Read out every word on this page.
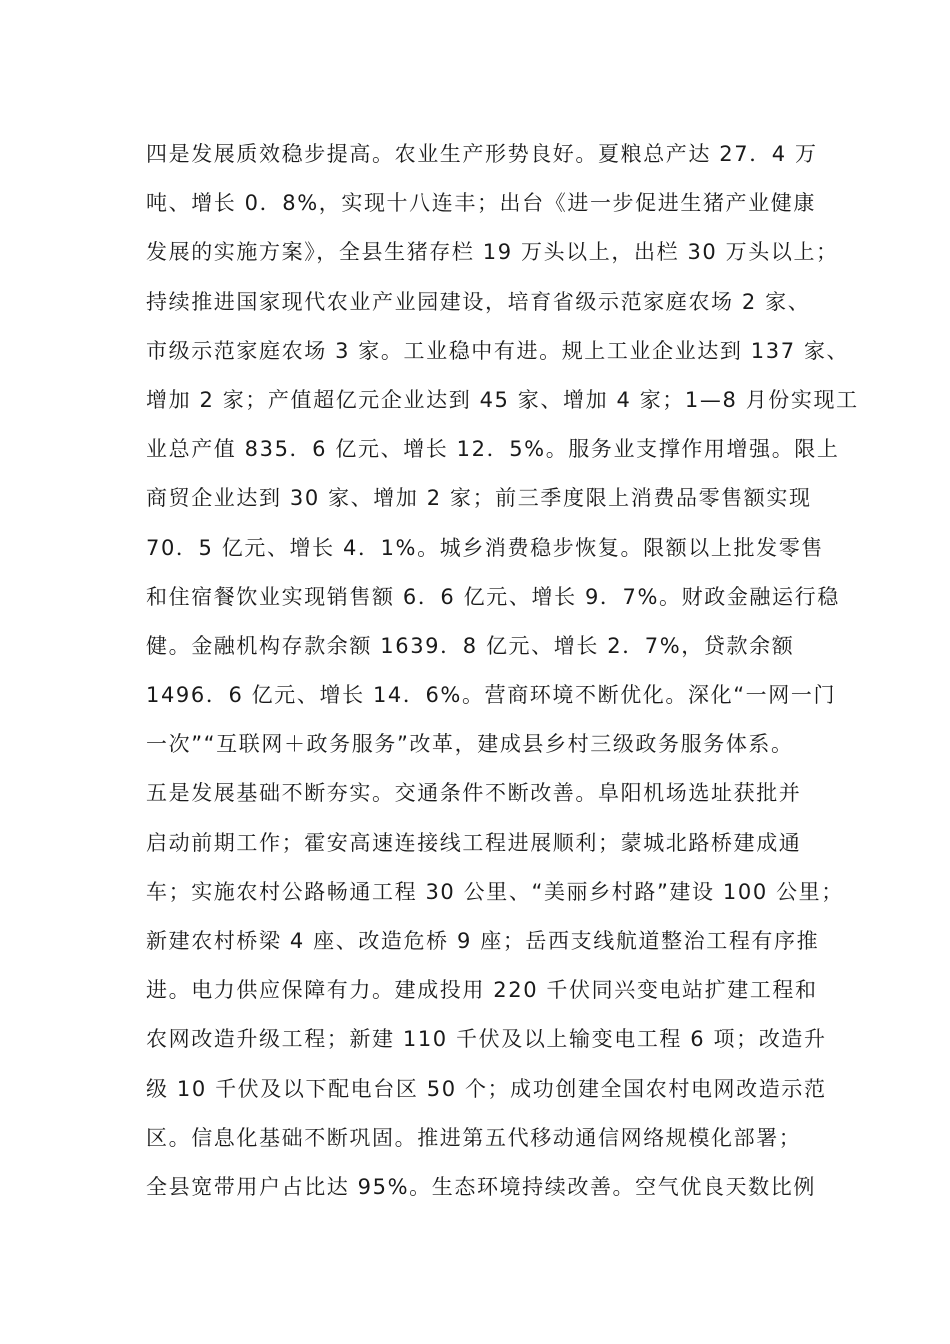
四是发展质效稳步提高。农业生产形势良好。夏粮总产达 27．4 万
吨、增长 0．8%，实现十八连丰；出台《进一步促进生猪产业健康
发展的实施方案》，全县生猪存栏 19 万头以上，出栏 30 万头以上；
持续推进国家现代农业产业园建设，培育省级示范家庭农场 2 家、
市级示范家庭农场 3 家。工业稳中有进。规上工业企业达到 137 家、
增加 2 家；产值超亿元企业达到 45 家、增加 4 家；1—8 月份实现工
业总产值 835．6 亿元、增长 12．5%。服务业支撑作用增强。限上
商贸企业达到 30 家、增加 2 家；前三季度限上消费品零售额实现
70．5 亿元、增长 4．1%。城乡消费稳步恢复。限额以上批发零售
和住宿餐饮业实现销售额 6．6 亿元、增长 9．7%。财政金融运行稳
健。金融机构存款余额 1639．8 亿元、增长 2．7%，贷款余额
1496．6 亿元、增长 14．6%。营商环境不断优化。深化“一网一门
一次”“互联网＋政务服务”改革，建成县乡村三级政务服务体系。
五是发展基础不断夯实。交通条件不断改善。阜阳机场选址获批并
启动前期工作；霍安高速连接线工程进展顺利；蒙城北路桥建成通
车；实施农村公路畅通工程 30 公里、“美丽乡村路”建设 100 公里；
新建农村桥梁 4 座、改造危桥 9 座；岳西支线航道整治工程有序推
进。电力供应保障有力。建成投用 220 千伏同兴变电站扩建工程和
农网改造升级工程；新建 110 千伏及以上输变电工程 6 项；改造升
级 10 千伏及以下配电台区 50 个；成功创建全国农村电网改造示范
区。信息化基础不断巩固。推进第五代移动通信网络规模化部署；
全县宽带用户占比达 95%。生态环境持续改善。空气优良天数比例
